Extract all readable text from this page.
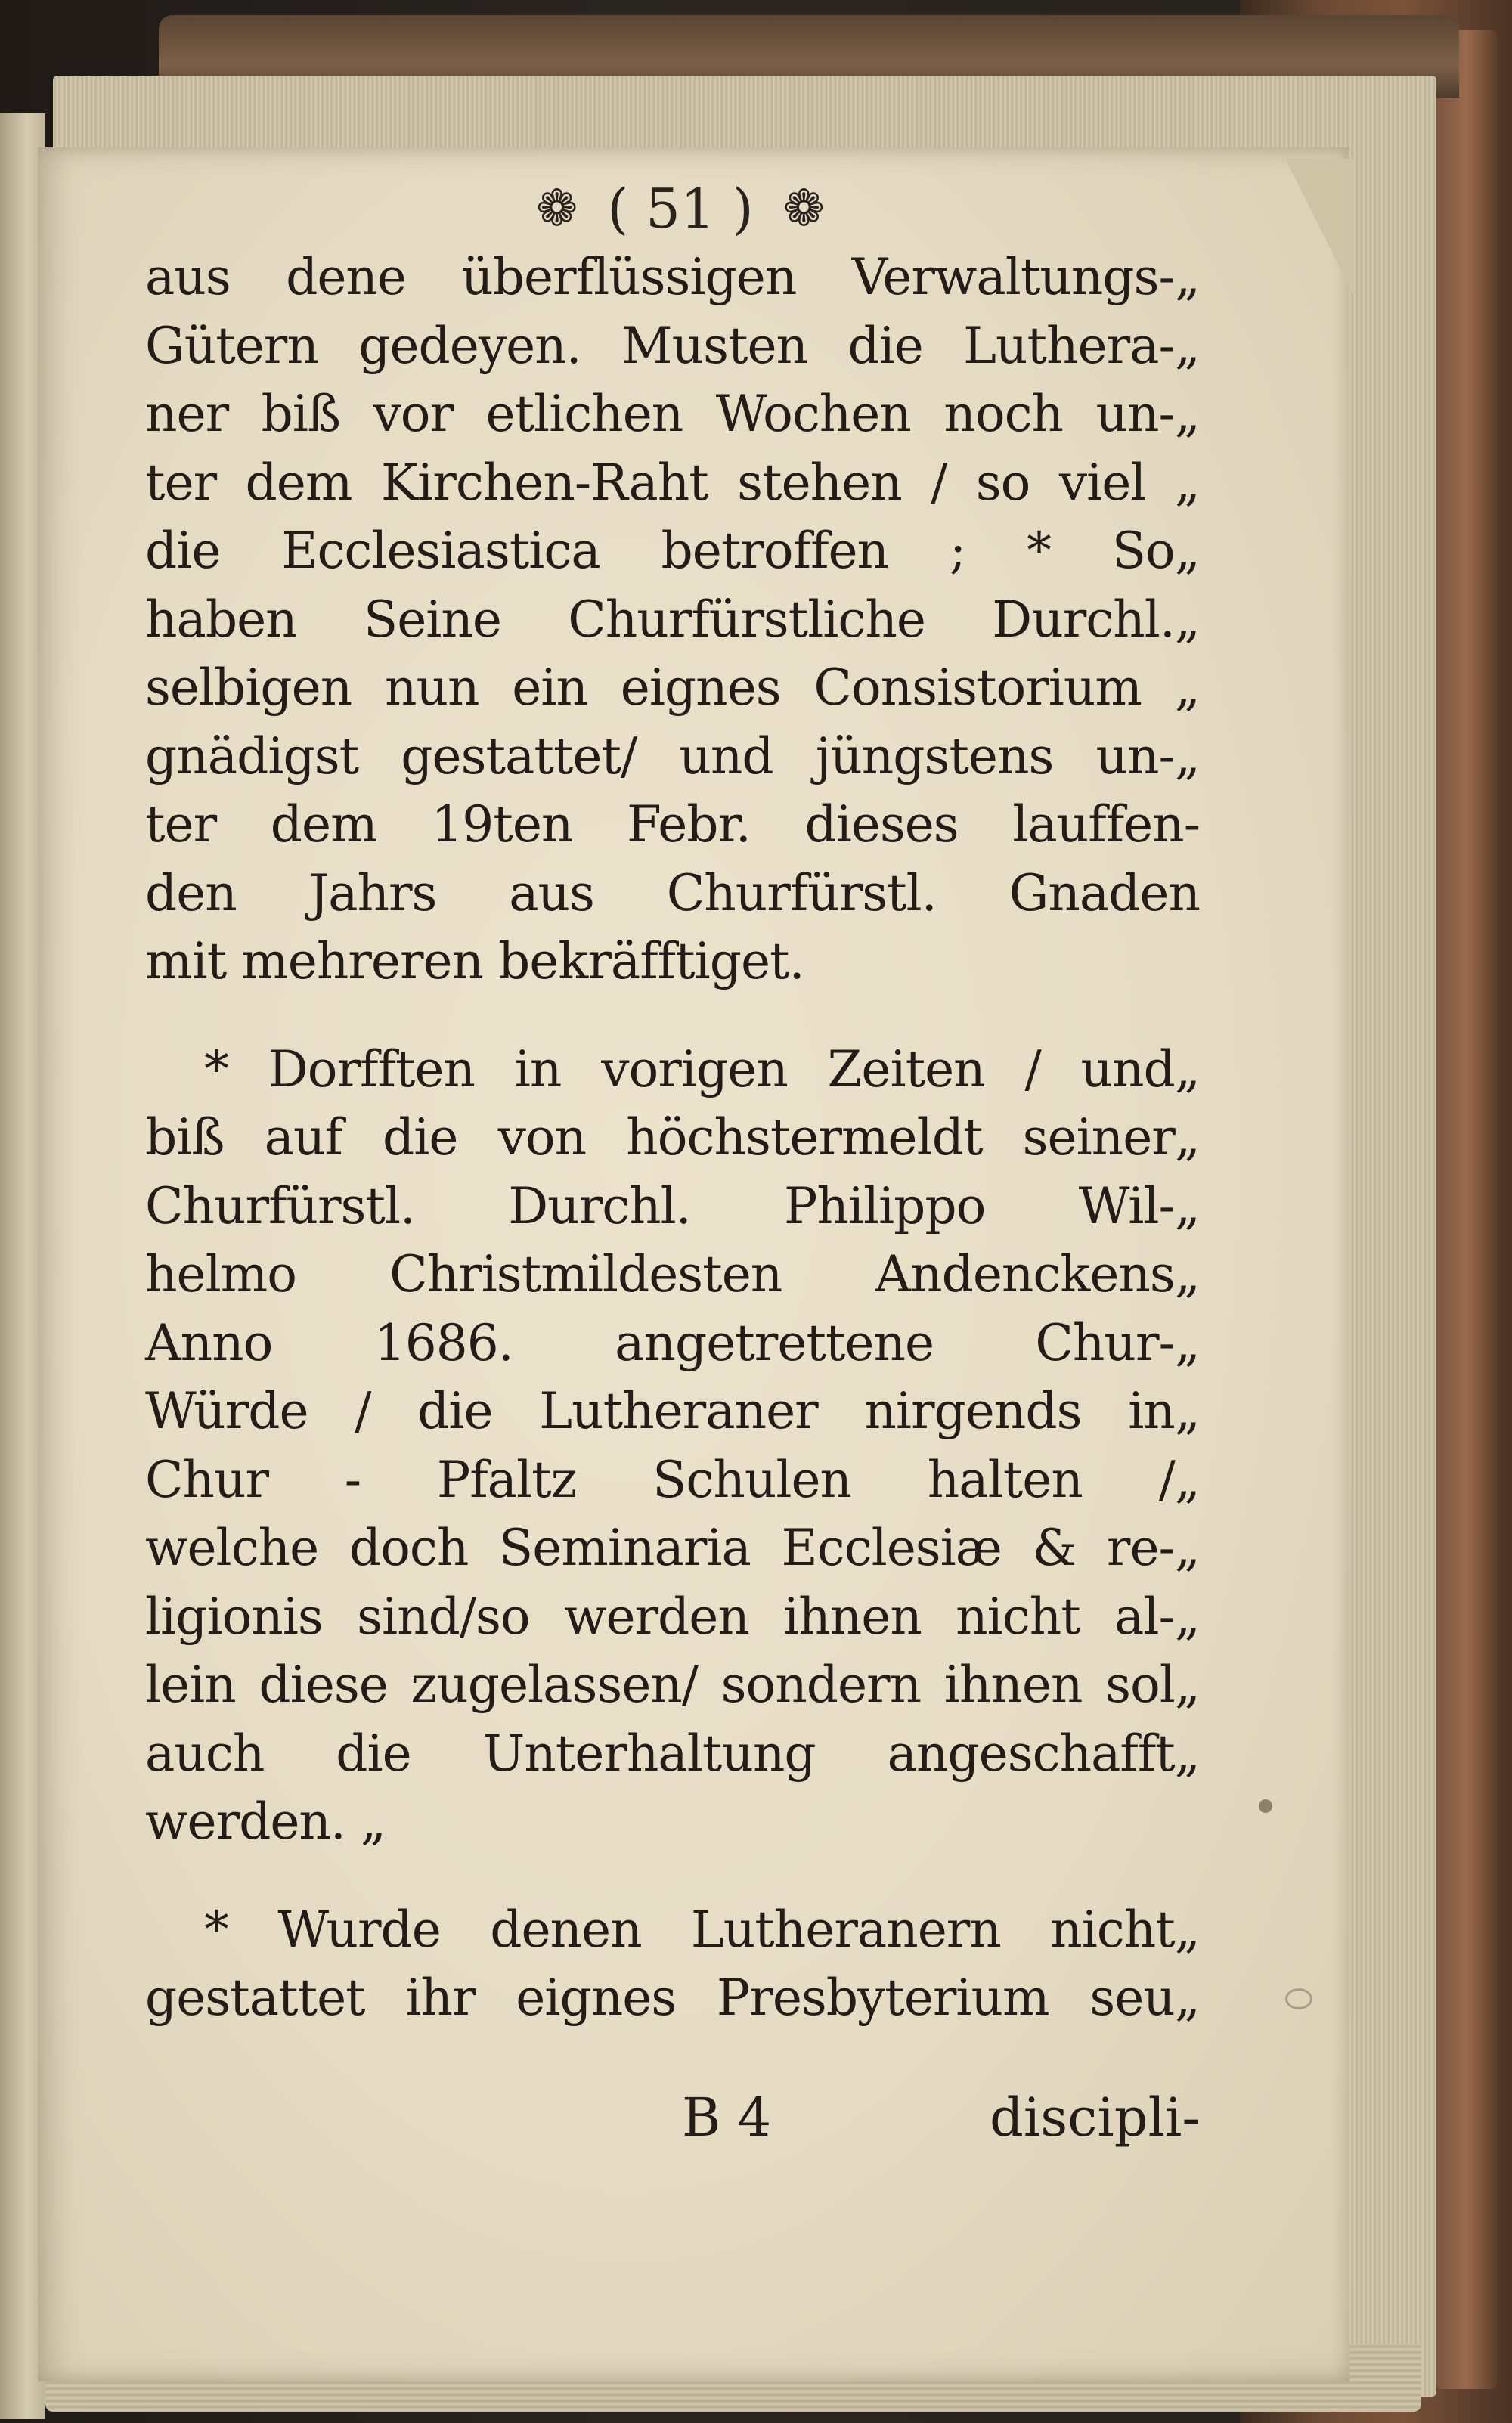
❁ ( 51 ) ❁
aus dene überflüssigen Verwaltungs-„
Gütern gedeyen. Musten die Luthera-„
ner biß vor etlichen Wochen noch un-„
ter dem Kirchen-Raht stehen / so viel „
die Ecclesiastica betroffen ; * So„
haben Seine Churfürstliche Durchl.„
selbigen nun ein eignes Consistorium „
gnädigst gestattet/ und jüngstens un-„
ter dem 19ten Febr. dieses lauffen-
den Jahrs aus Churfürstl. Gnaden
mit mehreren bekräfftiget.
* Dorfften in vorigen Zeiten / und„
biß auf die von höchstermeldt seiner„
Churfürstl. Durchl. Philippo Wil-„
helmo Christmildesten Andenckens„
Anno 1686. angetrettene Chur-„
Würde / die Lutheraner nirgends in„
Chur - Pfaltz Schulen halten /„
welche doch Seminaria Ecclesiæ & re-„
ligionis sind/so werden ihnen nicht al-„
lein diese zugelassen/ sondern ihnen sol„
auch die Unterhaltung angeschafft„
werden. „
* Wurde denen Lutheranern nicht„
gestattet ihr eignes Presbyterium seu„
B 4	discipli-
